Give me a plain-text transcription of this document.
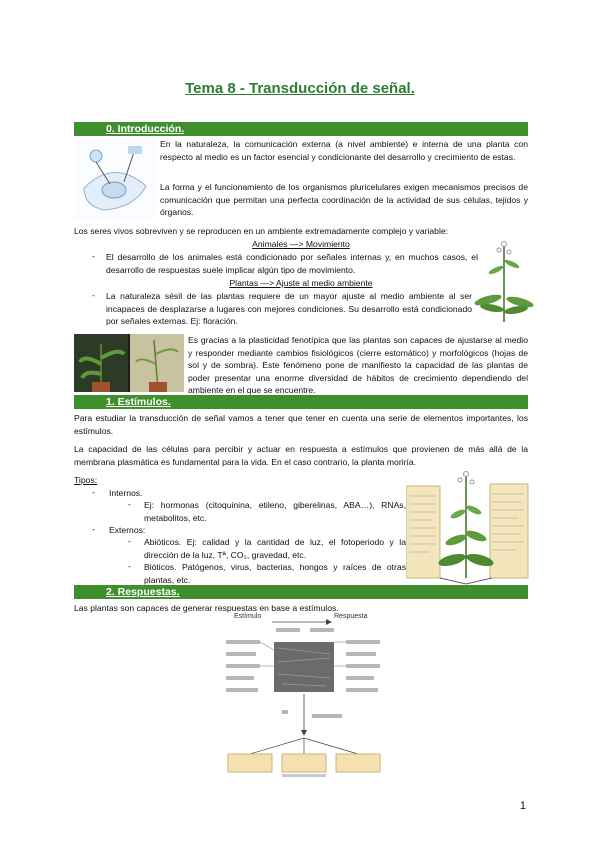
Tema 8 - Transducción de señal.
0. Introducción.
En la naturaleza, la comunicación externa (a nivel ambiente) e interna de una planta con respecto al medio es un factor esencial y condicionante del desarrollo y crecimiento de estas.
La forma y el funcionamiento de los organismos pluricelulares exigen mecanismos precisos de comunicación que permitan una perfecta coordinación de la actividad de sus células, tejidos y órganos.
Los seres vivos sobreviven y se reproducen en un ambiente extremadamente complejo y variable:
Animales —> Movimiento
- El desarrollo de los animales está condicionado por señales internas y, en muchos casos, el desarrollo de respuestas suele implicar algún tipo de movimiento.
Plantas —> Ajuste al medio ambiente
- La naturaleza sésil de las plantas requiere de un mayor ajuste al medio ambiente al ser incapaces de desplazarse a lugares con mejores condiciones. Su desarrollo está condicionado por señales externas. Ej: floración.
Es gracias a la plasticidad fenotípica que las plantas son capaces de ajustarse al medio y responder mediante cambios fisiológicos (cierre estomático) y morfológicos (hojas de sol y de sombra). Este fenómeno pone de manifiesto la capacidad de las plantas de poder presentar una enorme diversidad de hábitos de crecimiento dependiendo del ambiente en el que se encuentre.
1. Estímulos.
Para estudiar la transducción de señal vamos a tener que tener en cuenta una serie de elementos importantes, los estímulos.
La capacidad de las células para percibir y actuar en respuesta a estímulos que provienen de más allá de la membrana plasmática es fundamental para la vida. En el caso contrario, la planta moriría.
Tipos:
- Internos.
- Ej: hormonas (citoquinina, etileno, giberelinas, ABA…), RNAs, metabolitos, etc.
- Externos:
- Abióticos. Ej: calidad y la cantidad de luz, el fotoperiodo y la dirección de la luz, Tª, CO₂, gravedad, etc.
- Bióticos. Patógenos, virus, bacterias, hongos y raíces de otras plantas, etc.
2. Respuestas.
Las plantas son capaces de generar respuestas en base a estímulos.
Estímulo	Respuesta
1
